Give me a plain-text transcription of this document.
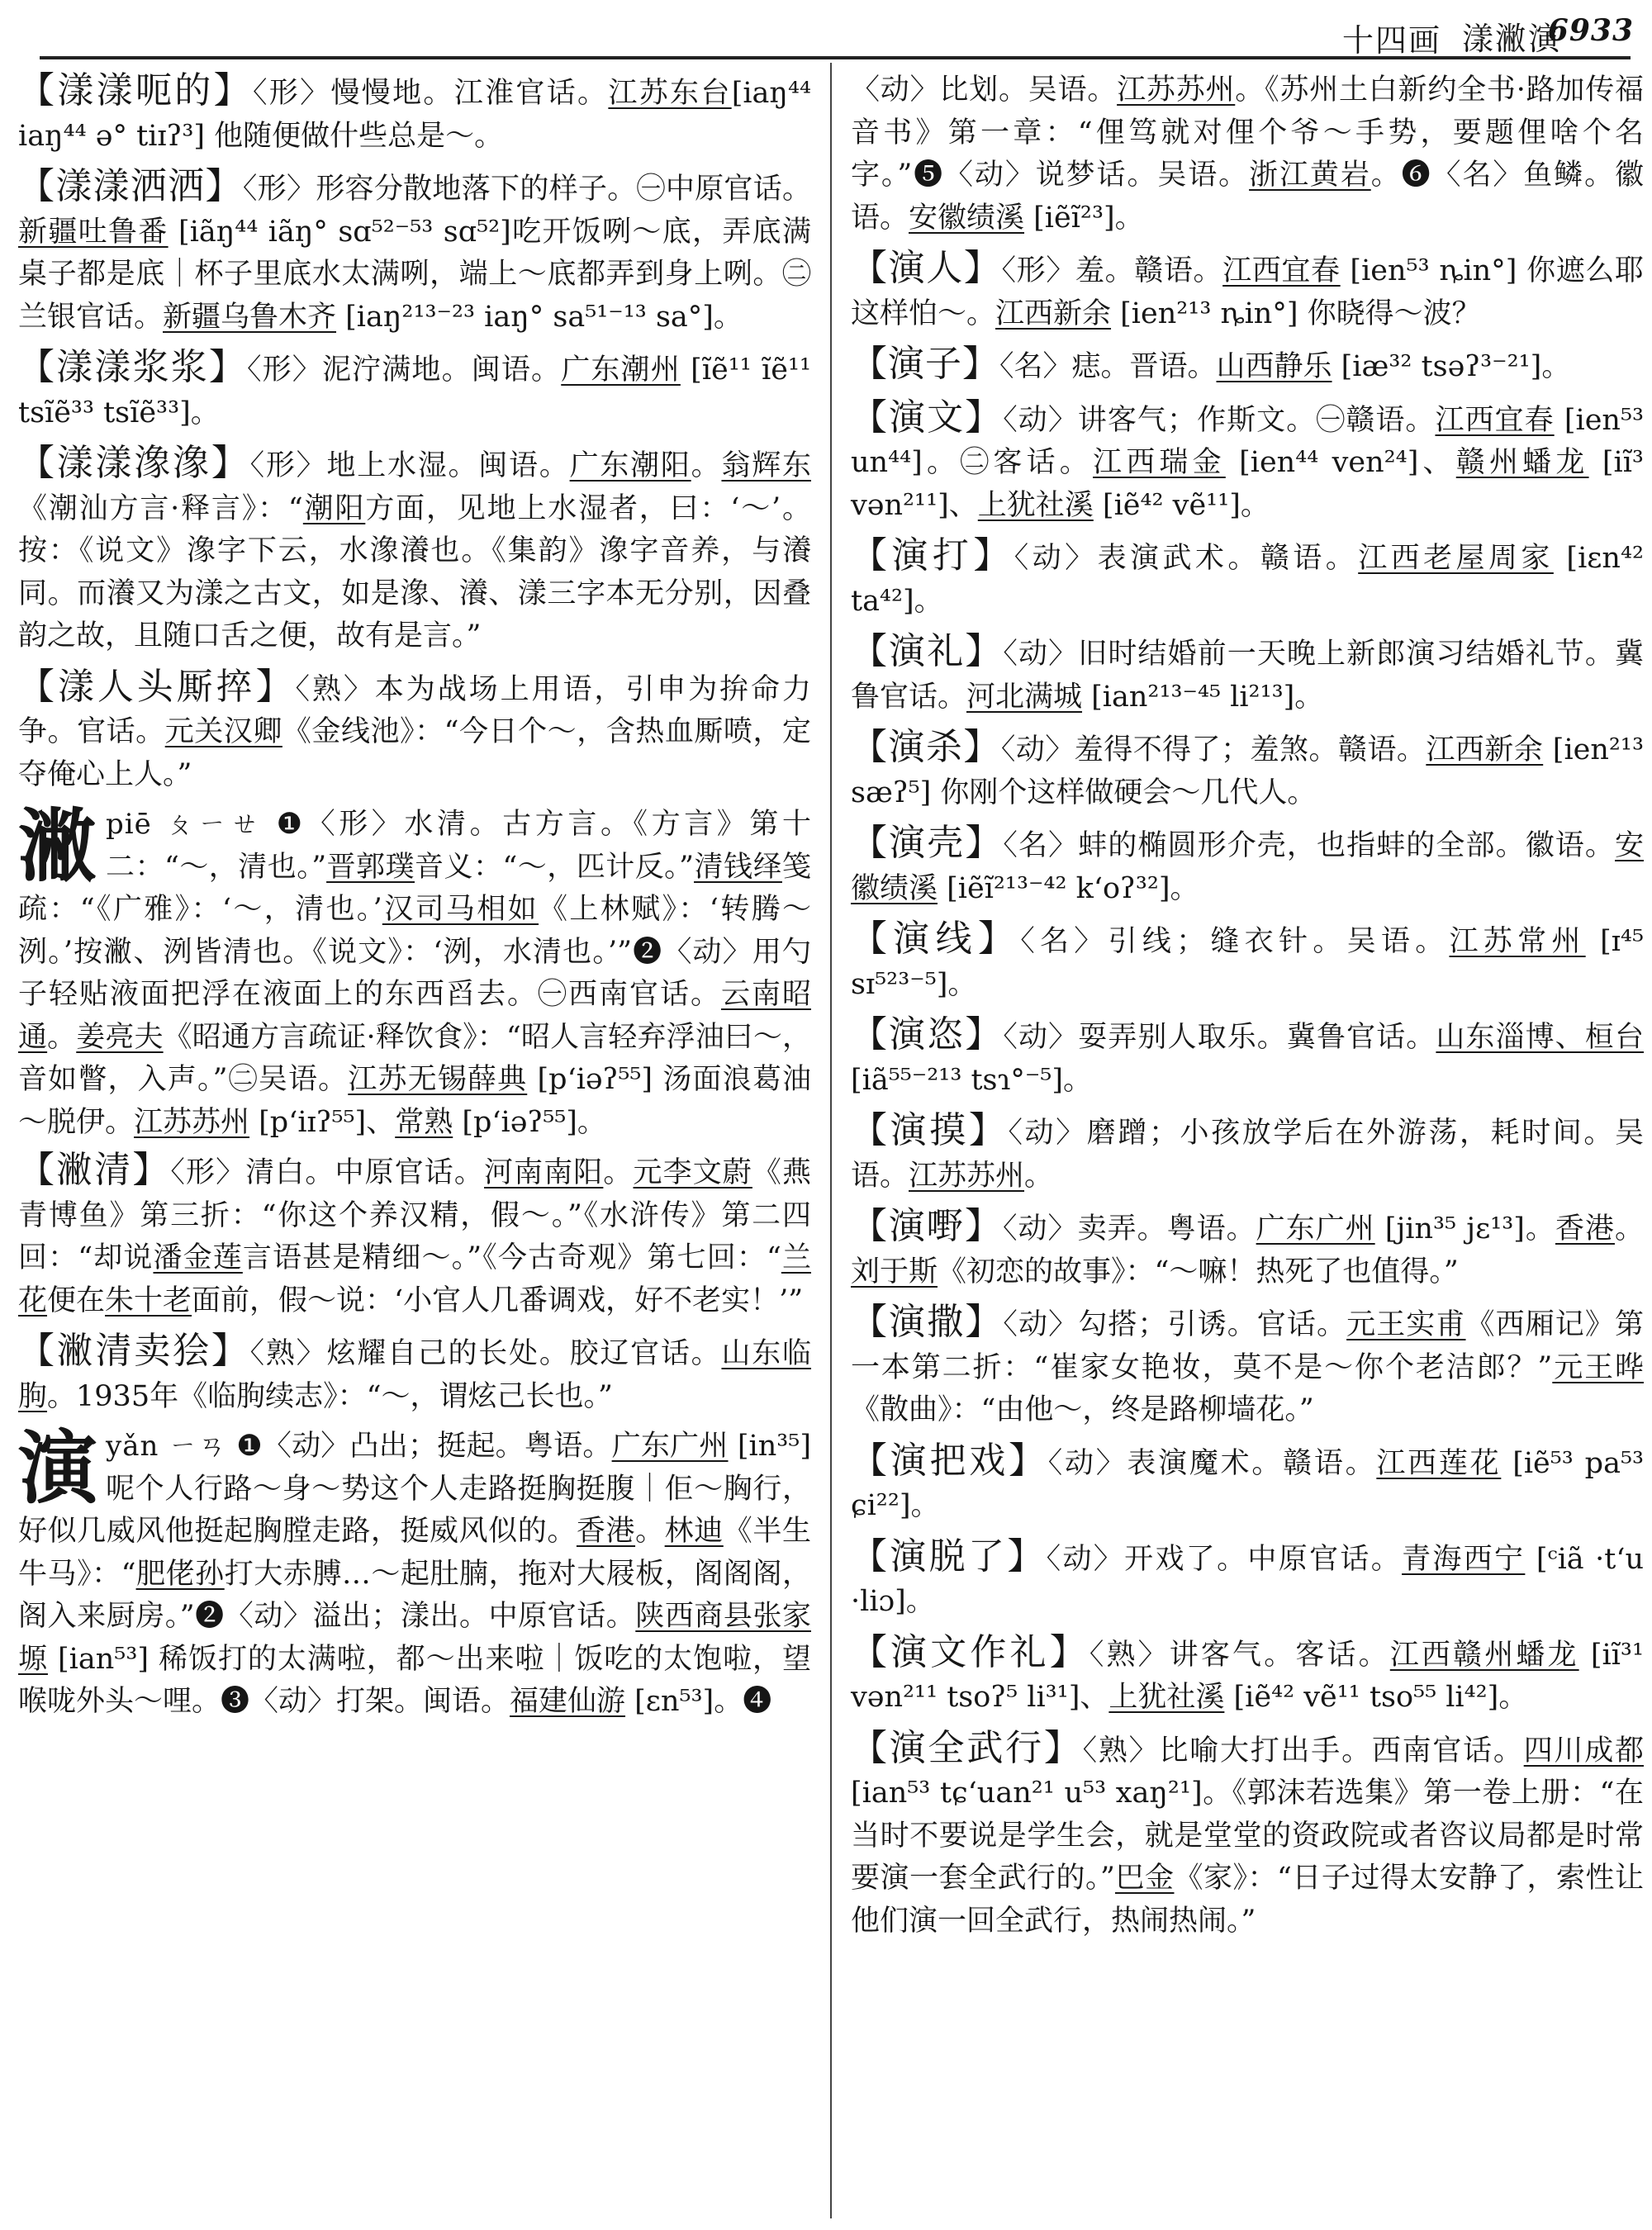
十四画 漾潎演
6933
【漾漾呃的】〈形〉慢慢地。江淮官话。江苏东台[iaŋ⁴⁴ iaŋ⁴⁴ ə° tiɪʔ³] 他随便做什些总是～。
【漾漾洒洒】〈形〉形容分散地落下的样子。㊀中原官话。新疆吐鲁番 [iãŋ⁴⁴ iãŋ° sɑ⁵²⁻⁵³ sɑ⁵²]吃开饭咧～底，弄底满桌子都是底｜杯子里底水太满咧，端上～底都弄到身上咧。㊁兰银官话。新疆乌鲁木齐 [iaŋ²¹³⁻²³ iaŋ° sa⁵¹⁻¹³ sa°]。
【漾漾浆浆】〈形〉泥泞满地。闽语。广东潮州 [ĩẽ¹¹ ĩẽ¹¹ tsĩẽ³³ tsĩẽ³³]。
【漾漾潒潒】〈形〉地上水湿。闽语。广东潮阳。翁辉东《潮汕方言·释言》：“潮阳方面，见地上水湿者，曰：‘～’。按：《说文》潒字下云，水潒瀁也。《集韵》潒字音养，与瀁同。而瀁又为漾之古文，如是潒、瀁、漾三字本无分别，因叠韵之故，且随口舌之便，故有是言。”
【漾人头厮捽】〈熟〉本为战场上用语，引申为拚命力争。官话。元关汉卿《金线池》：“今日个～，含热血厮喷，定夺俺心上人。”
潎 piē ㄆㄧㄝ ❶〈形〉水清。古方言。《方言》第十二：“～，清也。”晋郭璞音义：“～，匹计反。”清钱绎笺疏：“《广雅》：‘～，清也。’汉司马相如《上林赋》：‘转腾～洌。’按潎、洌皆清也。《说文》：‘洌，水清也。’”❷〈动〉用勺子轻贴液面把浮在液面上的东西舀去。㊀西南官话。云南昭通。姜亮夫《昭通方言疏证·释饮食》：“昭人言轻弃浮油曰～，音如瞥，入声。”㊁吴语。江苏无锡薛典 [p‘iəʔ⁵⁵] 汤面浪葛油～脱伊。江苏苏州 [p‘iɪʔ⁵⁵]、常熟 [p‘iəʔ⁵⁵]。
【潎清】〈形〉清白。中原官话。河南南阳。元李文蔚《燕青博鱼》第三折：“你这个养汉精，假～。”《水浒传》第二四回：“却说潘金莲言语甚是精细～。”《今古奇观》第七回：“兰花便在朱十老面前，假～说：‘小官人几番调戏，好不老实！’”
【潎清卖狯】〈熟〉炫耀自己的长处。胶辽官话。山东临朐。1935年《临朐续志》：“～，谓炫己长也。”
演 yǎn ㄧㄢ ❶〈动〉凸出；挺起。粤语。广东广州 [in³⁵] 呢个人行路～身～势这个人走路挺胸挺腹｜佢～胸行，好似几威风他挺起胸膛走路，挺威风似的。香港。林迪《半生牛马》：“肥佬孙打大赤膊…～起肚腩，拖对大屐板，阁阁阁，阁入来厨房。”❷〈动〉溢出；漾出。中原官话。陕西商县张家塬 [ian⁵³] 稀饭打的太满啦，都～出来啦｜饭吃的太饱啦，望喉咙外头～哩。❸〈动〉打架。闽语。福建仙游 [ɛn⁵³]。❹
〈动〉比划。吴语。江苏苏州。《苏州土白新约全书·路加传福音书》第一章：“俚笃就对俚个爷～手势，要题俚啥个名字。”❺〈动〉说梦话。吴语。浙江黄岩。❻〈名〉鱼鳞。徽语。安徽绩溪 [iẽĩ²³]。
【演人】〈形〉羞。赣语。江西宜春 [ien⁵³ ȵin°] 你遮么耶这样怕～。江西新余 [ien²¹³ ȵin°] 你晓得～波？
【演子】〈名〉痣。晋语。山西静乐 [iæ³² tsəʔ³⁻²¹]。
【演文】〈动〉讲客气；作斯文。㊀赣语。江西宜春 [ien⁵³ un⁴⁴]。㊁客话。江西瑞金 [ien⁴⁴ ven²⁴]、赣州蟠龙 [iĩ³ vən²¹¹]、上犹社溪 [iẽ⁴² vẽ¹¹]。
【演打】〈动〉表演武术。赣语。江西老屋周家 [iɛn⁴² ta⁴²]。
【演礼】〈动〉旧时结婚前一天晚上新郎演习结婚礼节。冀鲁官话。河北满城 [ian²¹³⁻⁴⁵ li²¹³]。
【演杀】〈动〉羞得不得了；羞煞。赣语。江西新余 [ien²¹³ sæʔ⁵] 你刚个这样做硬会～几代人。
【演壳】〈名〉蚌的椭圆形介壳，也指蚌的全部。徽语。安徽绩溪 [iẽĩ²¹³⁻⁴² k‘oʔ³²]。
【演线】〈名〉引线；缝衣针。吴语。江苏常州 [ɪ⁴⁵ sɪ⁵²³⁻⁵]。
【演恣】〈动〉耍弄别人取乐。冀鲁官话。山东淄博、桓台 [iã⁵⁵⁻²¹³ tsɿ°⁻⁵]。
【演摸】〈动〉磨蹭；小孩放学后在外游荡，耗时间。吴语。江苏苏州。
【演嘢】〈动〉卖弄。粤语。广东广州 [jin³⁵ jɛ¹³]。香港。刘于斯《初恋的故事》：“～嘛！热死了也值得。”
【演撒】〈动〉勾搭；引诱。官话。元王实甫《西厢记》第一本第二折：“崔家女艳妆，莫不是～你个老洁郎？”元王晔《散曲》：“由他～，终是路柳墙花。”
【演把戏】〈动〉表演魔术。赣语。江西莲花 [iẽ⁵³ pa⁵³ ɕi²²]。
【演脱了】〈动〉开戏了。中原官话。青海西宁 [ᶜiã ·t‘u ·liɔ]。
【演文作礼】〈熟〉讲客气。客话。江西赣州蟠龙 [iĩ³¹ vən²¹¹ tsoʔ⁵ li³¹]、上犹社溪 [iẽ⁴² vẽ¹¹ tso⁵⁵ li⁴²]。
【演全武行】〈熟〉比喻大打出手。西南官话。四川成都 [ian⁵³ tɕ‘uan²¹ u⁵³ xaŋ²¹]。《郭沫若选集》第一卷上册：“在当时不要说是学生会，就是堂堂的资政院或者咨议局都是时常要演一套全武行的。”巴金《家》：“日子过得太安静了，索性让他们演一回全武行，热闹热闹。”
